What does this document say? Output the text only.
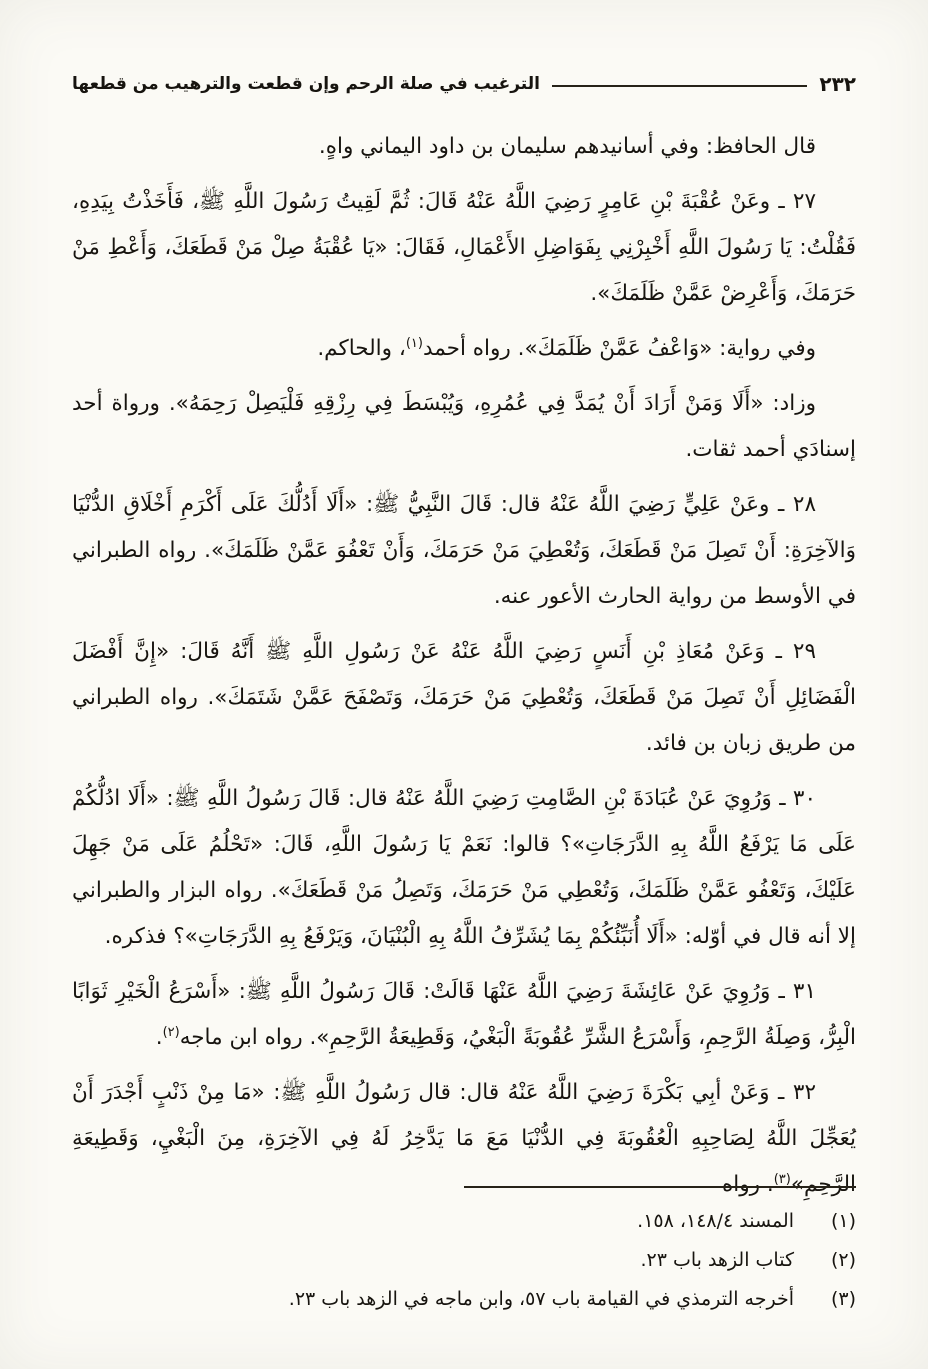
٢٣٢
الترغيب في صلة الرحم وإن قطعت والترهيب من قطعها

قال الحافظ: وفي أسانيدهم سليمان بن داود اليماني واهٍ.

٢٧ ـ وعَنْ عُقْبَةَ بْنِ عَامِرٍ رَضِيَ اللَّهُ عَنْهُ قَالَ: ثُمَّ لَقِيتُ رَسُولَ اللَّهِ ﷺ، فَأَخَذْتُ بِيَدِهِ، فَقُلْتُ: يَا رَسُولَ اللَّهِ أَخْبِرْنِي بِفَوَاضِلِ الأَعْمَالِ، فَقَالَ: «يَا عُقْبَةُ صِلْ مَنْ قَطَعَكَ، وَأَعْطِ مَنْ حَرَمَكَ، وَأَعْرِضْ عَمَّنْ ظَلَمَكَ».

وفي رواية: «وَاعْفُ عَمَّنْ ظَلَمَكَ». رواه أحمد$^{(١)}$، والحاكم.

وزاد: «أَلَا وَمَنْ أَرَادَ أَنْ يُمَدَّ فِي عُمُرِهِ، وَيُبْسَطَ فِي رِزْقِهِ فَلْيَصِلْ رَحِمَهُ». ورواة أحد إسنادَي أحمد ثقات.

٢٨ ـ وعَنْ عَلِيٍّ رَضِيَ اللَّهُ عَنْهُ قال: قَالَ النَّبِيُّ ﷺ: «أَلَا أَدُلُّكَ عَلَى أَكْرَمِ أَخْلَاقِ الدُّنْيَا وَالآخِرَةِ: أَنْ تَصِلَ مَنْ قَطَعَكَ، وَتُعْطِيَ مَنْ حَرَمَكَ، وَأَنْ تَعْفُوَ عَمَّنْ ظَلَمَكَ». رواه الطبراني في الأوسط من رواية الحارث الأعور عنه.

٢٩ ـ وَعَنْ مُعَاذِ بْنِ أَنَسٍ رَضِيَ اللَّهُ عَنْهُ عَنْ رَسُولِ اللَّهِ ﷺ أَنَّهُ قَالَ: «إِنَّ أَفْضَلَ الْفَضَائِلِ أَنْ تَصِلَ مَنْ قَطَعَكَ، وَتُعْطِيَ مَنْ حَرَمَكَ، وَتَصْفَحَ عَمَّنْ شَتَمَكَ». رواه الطبراني من طريق زبان بن فائد.

٣٠ ـ وَرُوِيَ عَنْ عُبَادَةَ بْنِ الصَّامِتِ رَضِيَ اللَّهُ عَنْهُ قال: قَالَ رَسُولُ اللَّهِ ﷺ: «أَلَا ادُلُّكُمْ عَلَى مَا يَرْفَعُ اللَّهُ بِهِ الدَّرَجَاتِ»؟ قالوا: نَعَمْ يَا رَسُولَ اللَّهِ، قَالَ: «تَحْلُمُ عَلَى مَنْ جَهِلَ عَلَيْكَ، وَتَعْفُو عَمَّنْ ظَلَمَكَ، وَتُعْطِي مَنْ حَرَمَكَ، وَتَصِلُ مَنْ قَطَعَكَ». رواه البزار والطبراني إلا أنه قال في أوّله: «أَلَا أُنَبِّئُكُمْ بِمَا يُشَرِّفُ اللَّهُ بِهِ الْبُنْيَانَ، وَيَرْفَعُ بِهِ الدَّرَجَاتِ»؟ فذكره.

٣١ ـ وَرُوِيَ عَنْ عَائِشَةَ رَضِيَ اللَّهُ عَنْهَا قَالَتْ: قَالَ رَسُولُ اللَّهِ ﷺ: «أَسْرَعُ الْخَيْرِ ثَوَابًا الْبِرُّ، وَصِلَةُ الرَّحِمِ، وَأَسْرَعُ الشَّرِّ عُقُوبَةً الْبَغْيُ، وَقَطِيعَةُ الرَّحِمِ». رواه ابن ماجه$^{(٢)}$.

٣٢ ـ وَعَنْ أبِي بَكْرَةَ رَضِيَ اللَّهُ عَنْهُ قال: قال رَسُولُ اللَّهِ ﷺ: «مَا مِنْ ذَنْبٍ أَجْدَرَ أَنْ يُعَجِّلَ اللَّهُ لِصَاحِبِهِ الْعُقُوبَةَ فِي الدُّنْيَا مَعَ مَا يَدَّخِرُ لَهُ فِي الآخِرَةِ، مِنَ الْبَغْيِ، وَقَطِيعَةِ الرَّحِمِ»$^{(٣)}$. رواه

(١)
المسند ١٤٨/٤، ١٥٨.
(٢)
كتاب الزهد باب ٢٣.
(٣)
أخرجه الترمذي في القيامة باب ٥٧، وابن ماجه في الزهد باب ٢٣.
